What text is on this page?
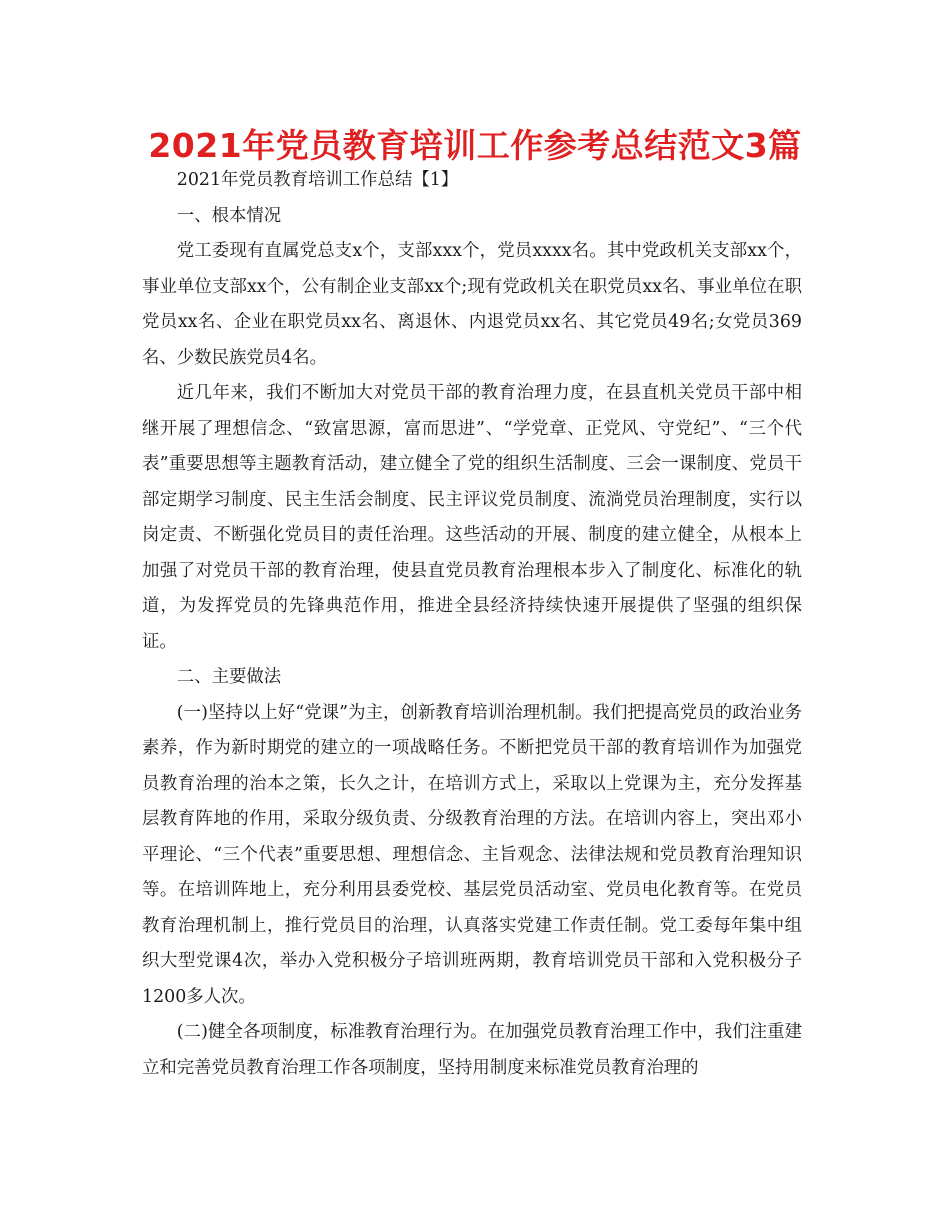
2021年党员教育培训工作参考总结范文3篇

2021年党员教育培训工作总结【1】

一、根本情况

党工委现有直属党总支x个，支部xxx个，党员xxxx名。其中党政机关支部xx个，事业单位支部xx个，公有制企业支部xx个;现有党政机关在职党员xx名、事业单位在职党员xx名、企业在职党员xx名、离退休、内退党员xx名、其它党员49名;女党员369名、少数民族党员4名。

近几年来，我们不断加大对党员干部的教育治理力度，在县直机关党员干部中相继开展了理想信念、“致富思源，富而思进”、“学党章、正党风、守党纪”、“三个代表”重要思想等主题教育活动，建立健全了党的组织生活制度、三会一课制度、党员干部定期学习制度、民主生活会制度、民主评议党员制度、流淌党员治理制度，实行以岗定责、不断强化党员目的责任治理。这些活动的开展、制度的建立健全，从根本上加强了对党员干部的教育治理，使县直党员教育治理根本步入了制度化、标准化的轨道，为发挥党员的先锋典范作用，推进全县经济持续快速开展提供了坚强的组织保证。

二、主要做法

(一)坚持以上好“党课”为主，创新教育培训治理机制。我们把提高党员的政治业务素养，作为新时期党的建立的一项战略任务。不断把党员干部的教育培训作为加强党员教育治理的治本之策，长久之计，在培训方式上，采取以上党课为主，充分发挥基层教育阵地的作用，采取分级负责、分级教育治理的方法。在培训内容上，突出邓小平理论、“三个代表”重要思想、理想信念、主旨观念、法律法规和党员教育治理知识等。在培训阵地上，充分利用县委党校、基层党员活动室、党员电化教育等。在党员教育治理机制上，推行党员目的治理，认真落实党建工作责任制。党工委每年集中组织大型党课4次，举办入党积极分子培训班两期，教育培训党员干部和入党积极分子1200多人次。

(二)健全各项制度，标准教育治理行为。在加强党员教育治理工作中，我们注重建立和完善党员教育治理工作各项制度，坚持用制度来标准党员教育治理的
